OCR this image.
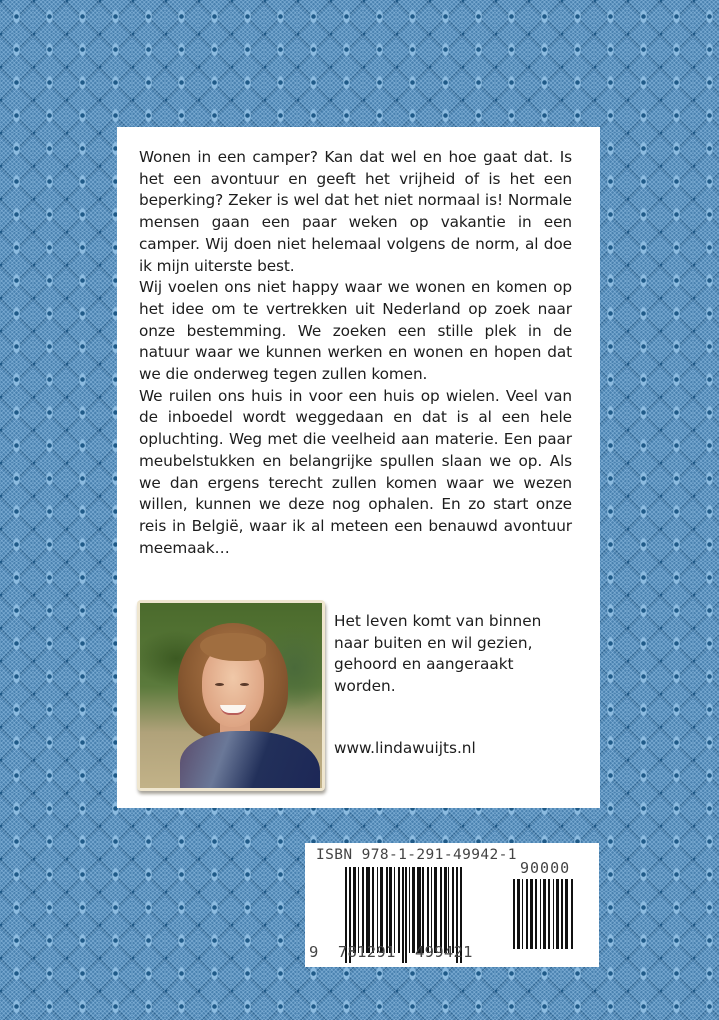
Wonen in een camper? Kan dat wel en hoe gaat dat. Is het een avontuur en geeft het vrijheid of is het een beperking? Zeker is wel dat het niet normaal is! Normale mensen gaan een paar weken op vakantie in een camper. Wij doen niet helemaal volgens de norm, al doe ik mijn uiterste best.

Wij voelen ons niet happy waar we wonen en komen op het idee om te vertrekken uit Nederland op zoek naar onze bestemming. We zoeken een stille plek in de natuur waar we kunnen werken en wonen en hopen dat we die onderweg tegen zullen komen.

We ruilen ons huis in voor een huis op wielen. Veel van de inboedel wordt weggedaan en dat is al een hele opluchting. Weg met die veelheid aan materie. Een paar meubelstukken en belangrijke spullen slaan we op. Als we dan ergens terecht zullen komen waar we wezen willen, kunnen we deze nog ophalen. En zo start onze reis in België, waar ik al meteen een benauwd avontuur meemaak…

Het leven komt van binnen

naar buiten en wil gezien,

gehoord en aangeraakt

worden.

www.lindawuijts.nl
ISBN 978-1-291-49942-1
90000
9 781291 499421
